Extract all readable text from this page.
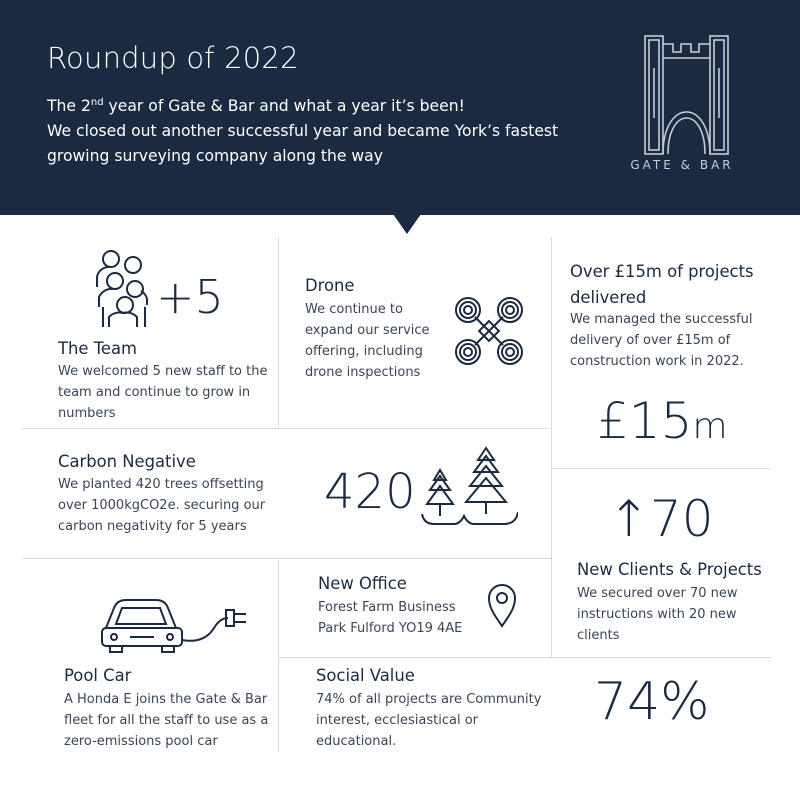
Roundup of 2022
The 2nd year of Gate & Bar and what a year it’s been!
We closed out another successful year and became York’s fastest growing surveying company along the way	GATE & BAR
+5
The Team
We welcomed 5 new staff to the team and continue to grow in numbers
Drone
We continue to expand our service offering, including drone inspections
Over £15m of projects delivered
We managed the successful delivery of over £15m of construction work in 2022.
£15m
Carbon Negative
We planted 420 trees offsetting over 1000kgCO2e. securing our carbon negativity for 5 years
420	↑70
New Clients & Projects
We secured over 70 new instructions with 20 new clients
Pool Car
A Honda E joins the Gate & Bar fleet for all the staff to use as a zero-emissions pool car
New Office
Forest Farm Business Park Fulford YO19 4AE
Social Value
74% of all projects are Community interest, ecclesiastical or educational.
74%
